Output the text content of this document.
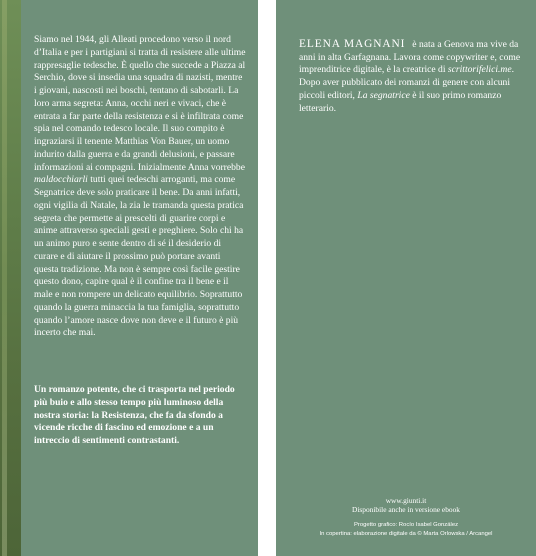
Siamo nel 1944, gli Alleati procedono verso il nord d’Italia e per i partigiani si tratta di resistere alle ultime rappresaglie tedesche. È quello che succede a Piazza al Serchio, dove si insedia una squadra di nazisti, mentre i giovani, nascosti nei boschi, tentano di sabotarli. La loro arma segreta: Anna, occhi neri e vivaci, che è entrata a far parte della resistenza e si è infiltrata come spia nel comando tedesco locale. Il suo compito è ingraziarsi il tenente Matthias Von Bauer, un uomo indurito dalla guerra e da grandi delusioni, e passare informazioni ai compagni. Inizialmente Anna vorrebbe maldocchiarli tutti quei tedeschi arroganti, ma come Segnatrice deve solo praticare il bene. Da anni infatti, ogni vigilia di Natale, la zia le tramanda questa pratica segreta che permette ai prescelti di guarire corpi e anime attraverso speciali gesti e preghiere. Solo chi ha un animo puro e sente dentro di sé il desiderio di curare e di aiutare il prossimo può portare avanti questa tradizione. Ma non è sempre così facile gestire questo dono, capire qual è il confine tra il bene e il male e non rompere un delicato equilibrio. Soprattutto quando la guerra minaccia la tua famiglia, soprattutto quando l’amore nasce dove non deve e il futuro è più incerto che mai.

Un romanzo potente, che ci trasporta nel periodo più buio e allo stesso tempo più luminoso della nostra storia: la Resistenza, che fa da sfondo a vicende ricche di fascino ed emozione e a un intreccio di sentimenti contrastanti.

ELENA MAGNANI è nata a Genova ma vive da anni in alta Garfagnana. Lavora come copywriter e, come imprenditrice digitale, è la creatrice di scrittorifelici.me. Dopo aver pubblicato dei romanzi di genere con alcuni piccoli editori, La segnatrice è il suo primo romanzo letterario.

www.giunti.it
Disponibile anche in versione ebook
Progetto grafico: Rocío Isabel González
In copertina: elaborazione digitale da © Marta Orlowska / Arcangel
